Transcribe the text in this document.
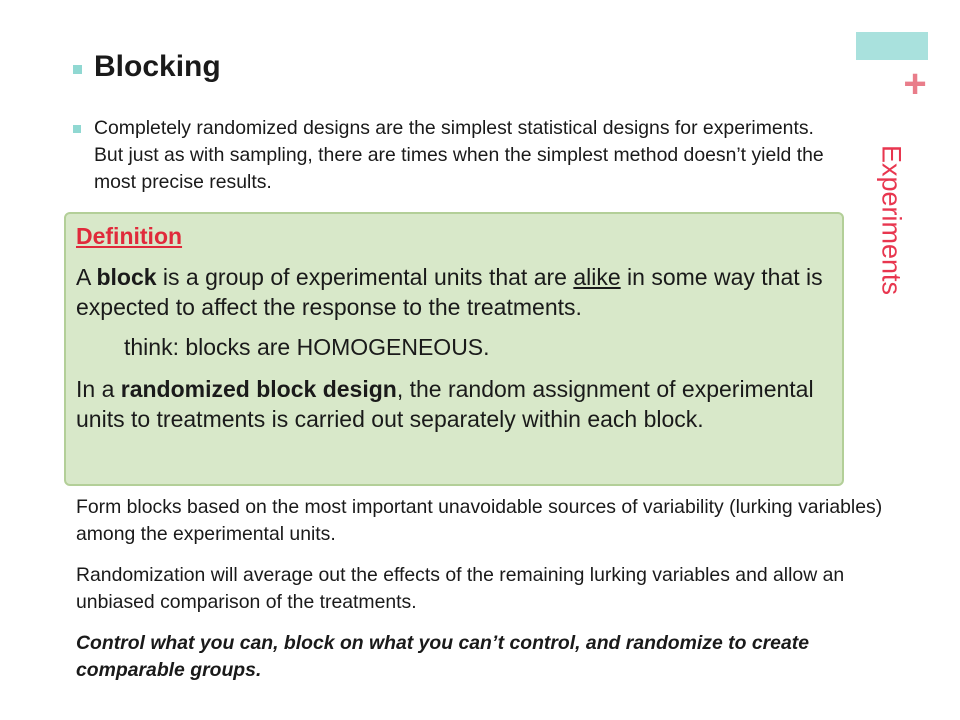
+
Experiments
Blocking
Completely randomized designs are the simplest statistical designs for experiments. But just as with sampling, there are times when the simplest method doesn’t yield the most precise results.
Definition
A block is a group of experimental units that are alike in some way that is expected to affect the response to the treatments.
think: blocks are HOMOGENEOUS.
In a randomized block design, the random assignment of experimental units to treatments is carried out separately within each block.
Form blocks based on the most important unavoidable sources of variability (lurking variables) among the experimental units.
Randomization will average out the effects of the remaining lurking variables and allow an unbiased comparison of the treatments.
Control what you can, block on what you can’t control, and randomize to create comparable groups.
